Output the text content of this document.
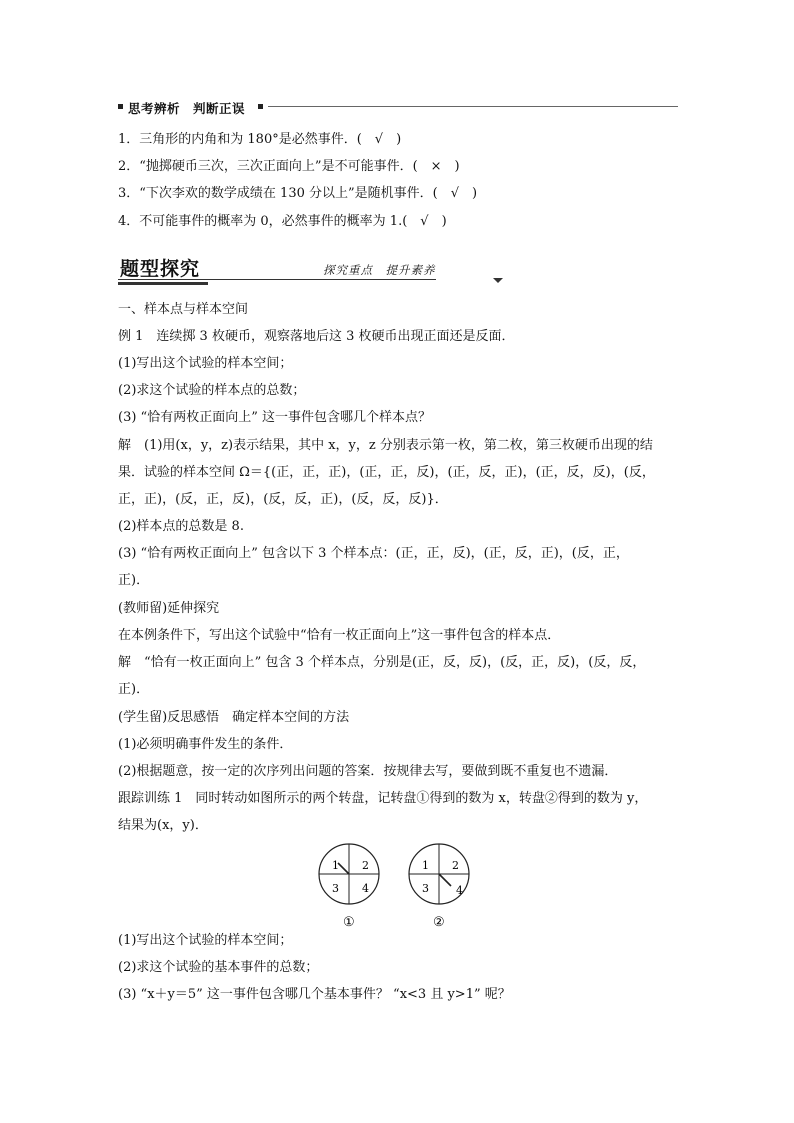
思考辨析　判断正误
1．三角形的内角和为 180°是必然事件．(　√　)
2．“抛掷硬币三次，三次正面向上”是不可能事件．(　×　)
3．“下次李欢的数学成绩在 130 分以上”是随机事件．(　√　)
4．不可能事件的概率为 0，必然事件的概率为 1.(　√　)
题型探究	探究重点　提升素养
一、样本点与样本空间
例 1　连续掷 3 枚硬币，观察落地后这 3 枚硬币出现正面还是反面．
(1)写出这个试验的样本空间；
(2)求这个试验的样本点的总数；
(3) “恰有两枚正面向上” 这一事件包含哪几个样本点？
解　(1)用(x，y，z)表示结果，其中 x，y，z 分别表示第一枚，第二枚，第三枚硬币出现的结
果．试验的样本空间 Ω＝{(正，正，正)，(正，正，反)，(正，反，正)，(正，反，反)，(反，
正，正)，(反，正，反)，(反，反，正)，(反，反，反)}．
(2)样本点的总数是 8.
(3) “恰有两枚正面向上” 包含以下 3 个样本点：(正，正，反)，(正，反，正)，(反，正，
正)．
(教师留)延伸探究
在本例条件下，写出这个试验中“恰有一枚正面向上”这一事件包含的样本点．
解　“恰有一枚正面向上” 包含 3 个样本点，分别是(正，反，反)，(反，正，反)，(反，反，
正)．
(学生留)反思感悟　确定样本空间的方法
(1)必须明确事件发生的条件．
(2)根据题意，按一定的次序列出问题的答案．按规律去写，要做到既不重复也不遗漏．
跟踪训练 1　同时转动如图所示的两个转盘，记转盘①得到的数为 x，转盘②得到的数为 y，
结果为(x，y)．
1 2
3 4
①
1 2
3 4
②
(1)写出这个试验的样本空间；
(2)求这个试验的基本事件的总数；
(3) “x＋y＝5” 这一事件包含哪几个基本事件？ “x<3 且 y>1” 呢？
